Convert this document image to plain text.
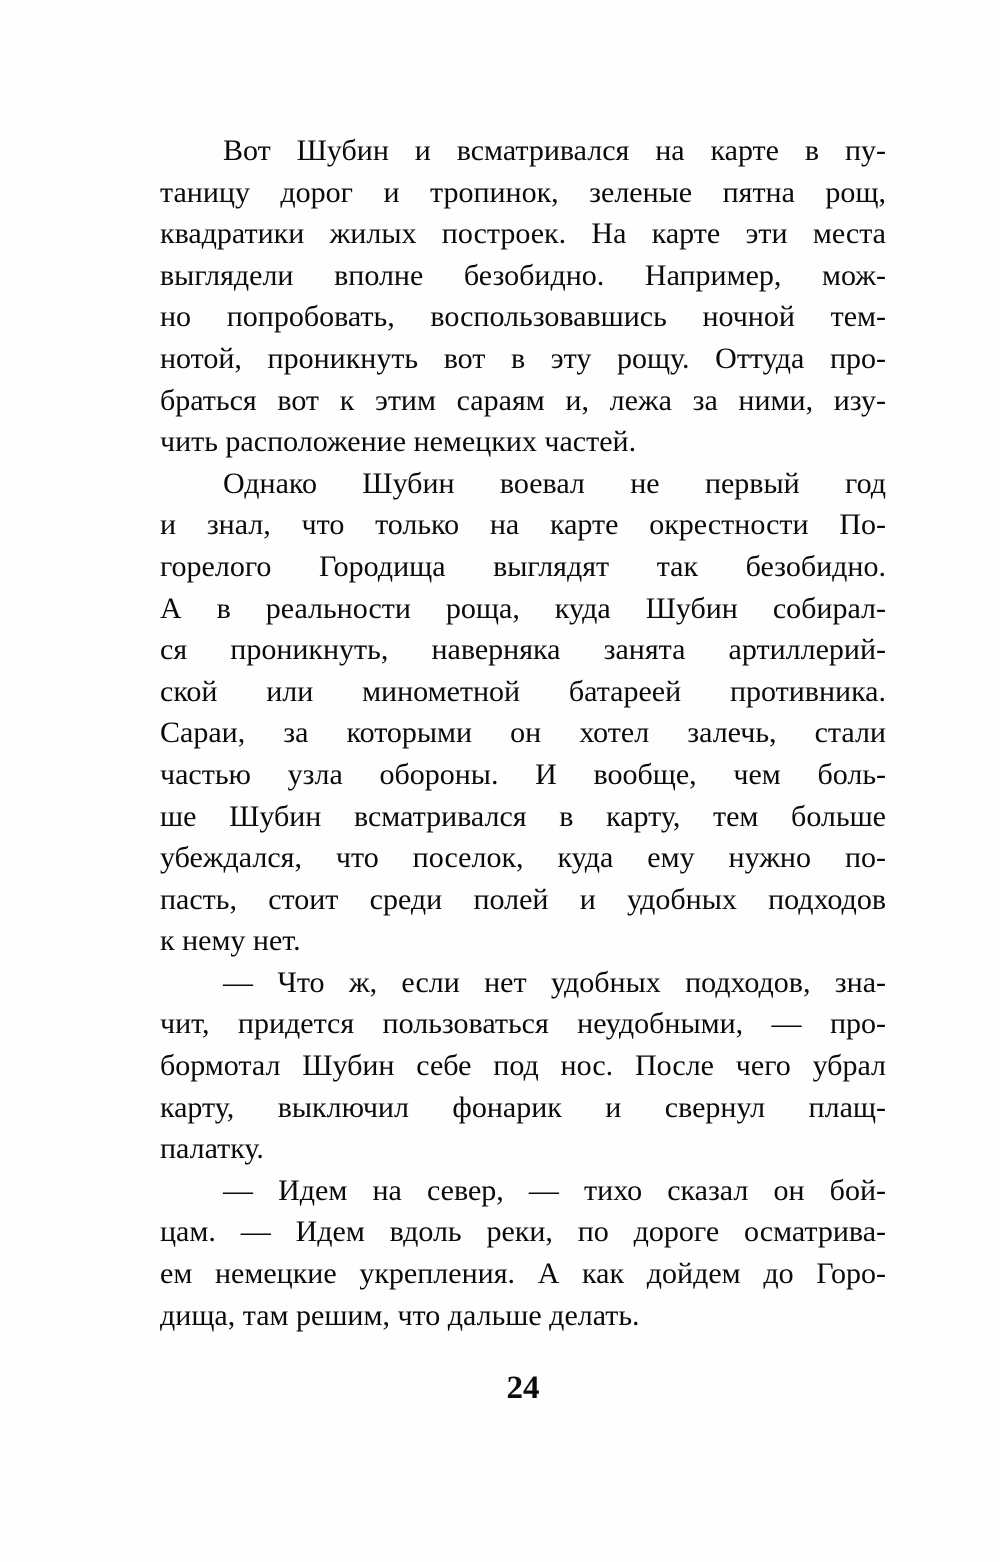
Вот Шубин и всматривался на карте в пу-
таницу дорог и тропинок, зеленые пятна рощ,
квадратики жилых построек. На карте эти места
выглядели вполне безобидно. Например, мож-
но попробовать, воспользовавшись ночной тем-
нотой, проникнуть вот в эту рощу. Оттуда про-
браться вот к этим сараям и, лежа за ними, изу-
чить расположение немецких частей.
Однако Шубин воевал не первый год
и знал, что только на карте окрестности По-
горелого Городища выглядят так безобидно.
А в реальности роща, куда Шубин собирал-
ся проникнуть, наверняка занята артиллерий-
ской или минометной батареей противника.
Сараи, за которыми он хотел залечь, стали
частью узла обороны. И вообще, чем боль-
ше Шубин всматривался в карту, тем больше
убеждался, что поселок, куда ему нужно по-
пасть, стоит среди полей и удобных подходов
к нему нет.
— Что ж, если нет удобных подходов, зна-
чит, придется пользоваться неудобными, — про-
бормотал Шубин себе под нос. После чего убрал
карту, выключил фонарик и свернул плащ-
палатку.
— Идем на север, — тихо сказал он бой-
цам. — Идем вдоль реки, по дороге осматрива-
ем немецкие укрепления. А как дойдем до Горо-
дища, там решим, что дальше делать.
24
